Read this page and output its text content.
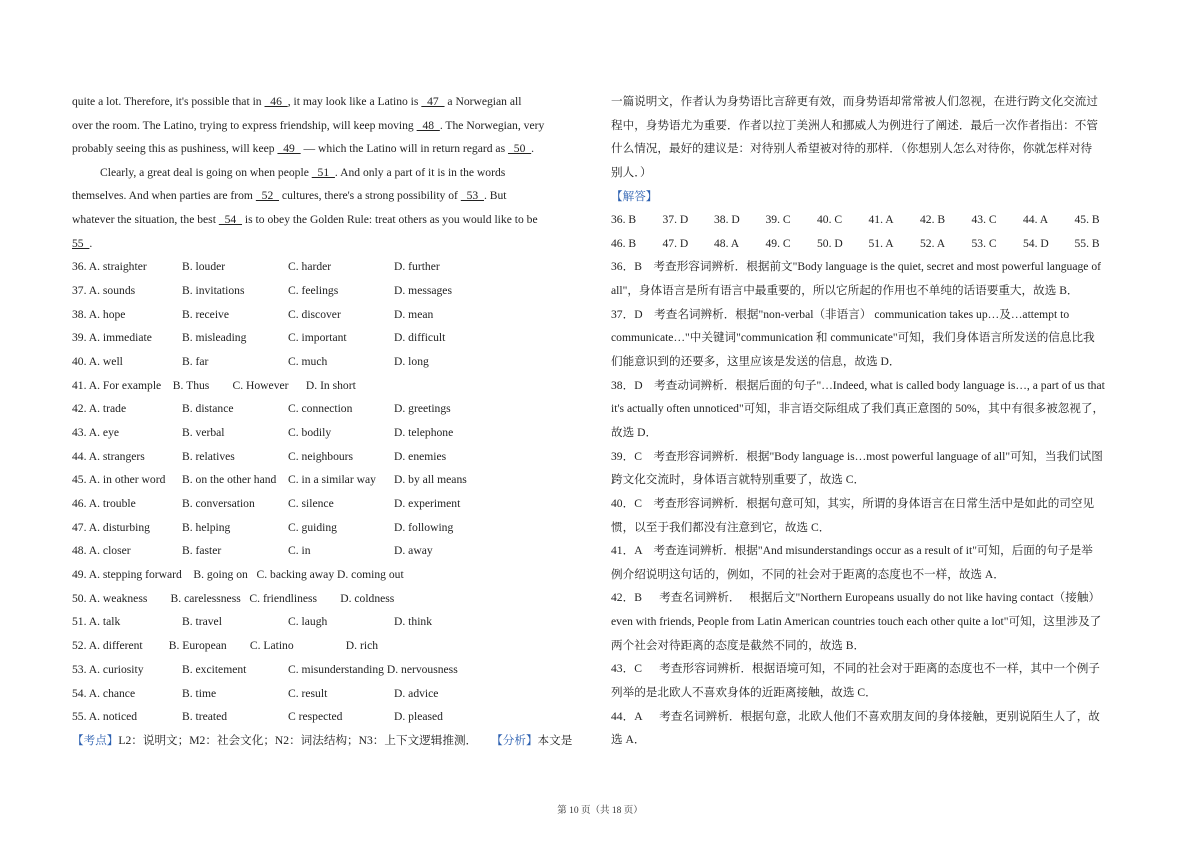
quite a lot. Therefore, it's possible that in   46  , it may look like a Latino is   47   a Norwegian all
over the room. The Latino, trying to express friendship, will keep moving   48  . The Norwegian, very
probably seeing this as pushiness, will keep   49   — which the Latino will in return regard as   50  .
Clearly, a great deal is going on when people   51  . And only a part of it is in the words
themselves. And when parties are from   52   cultures, there's a strong possibility of   53  . But
whatever the situation, the best   54   is to obey the Golden Rule: treat others as you would like to be
55  .
36. A. straighter	B. louder	C. harder	D. further
37. A. sounds	B. invitations	C. feelings	D. messages
38. A. hope	B. receive	C. discover	D. mean
39. A. immediate	B. misleading	C. important	D. difficult
40. A. well	B. far	C. much	D. long
41. A. For example    B. Thus        C. However      D. In short
42. A. trade	B. distance	C. connection	D. greetings
43. A. eye	B. verbal	C. bodily	D. telephone
44. A. strangers	B. relatives	C. neighbours	D. enemies
45. A. in other word B. on the other hand C. in a similar way D. by all means
46. A. trouble	B. conversation	C. silence	D. experiment
47. A. disturbing	B. helping	C. guiding	D. following
48. A. closer	B. faster	C. in	D. away
49. A. stepping forward    B. going on   C. backing away D. coming out
50. A. weakness        B. carelessness   C. friendliness        D. coldness
51. A. talk	B. travel	C. laugh	D. think
52. A. different         B. European        C. Latino                  D. rich
53. A. curiosity	B. excitement	C. misunderstanding D. nervousness
54. A. chance	B. time	C. result	D. advice
55. A. noticed	B. treated	C respected	D. pleased
【考点】L2：说明文；M2：社会文化；N2：词法结构；N3：上下文逻辑推测． 【分析】本文是
一篇说明文，作者认为身势语比言辞更有效，而身势语却常常被人们忽视，在进行跨文化交流过
程中，身势语尤为重要．作者以拉丁美洲人和挪威人为例进行了阐述．最后一次作者指出：不管
什么情况，最好的建议是：对待别人希望被对待的那样．（你想别人怎么对待你，你就怎样对待
别人．）
【解答】
36. B 37. D 38. D 39. C 40. C 41. A 42. B 43. C 44. A 45. B
46. B 47. D 48. A 49. C 50. D 51. A 52. A 53. C 54. D 55. B
36．B    考查形容词辨析．根据前文"Body language is the quiet, secret and most powerful language of
all"，身体语言是所有语言中最重要的，所以它所起的作用也不单纯的话语要重大，故选 B．
37．D    考查名词辨析．根据"non-verbal（非语言） communication takes up…及…attempt to
communicate…"中关键词"communication 和 communicate"可知，我们身体语言所发送的信息比我
们能意识到的还要多，这里应该是发送的信息，故选 D．
38．D    考查动词辨析．根据后面的句子"…Indeed, what is called body language is…, a part of us that
it's actually often unnoticed"可知，非言语交际组成了我们真正意图的 50%，其中有很多被忽视了，
故选 D．
39．C    考查形容词辨析．根据"Body language is…most powerful language of all"可知，当我们试图
跨文化交流时，身体语言就特别重要了，故选 C．
40．C    考查形容词辨析．根据句意可知，其实，所谓的身体语言在日常生活中是如此的司空见
惯，以至于我们都没有注意到它，故选 C．
41．A    考查连词辨析．根据"And misunderstandings occur as a result of it"可知，后面的句子是举
例介绍说明这句话的，例如，不同的社会对于距离的态度也不一样，故选 A．
42．B      考查名词辨析．   根据后文"Northern Europeans usually do not like having contact（接触）
even with friends, People from Latin American countries touch each other quite a lot"可知，这里涉及了
两个社会对待距离的态度是截然不同的，故选 B．
43．C      考查形容词辨析．根据语境可知，不同的社会对于距离的态度也不一样，其中一个例子
列举的是北欧人不喜欢身体的近距离接触，故选 C．
44．A      考查名词辨析．根据句意，北欧人他们不喜欢朋友间的身体接触，更别说陌生人了，故
选 A．
第 10 页（共 18 页）
